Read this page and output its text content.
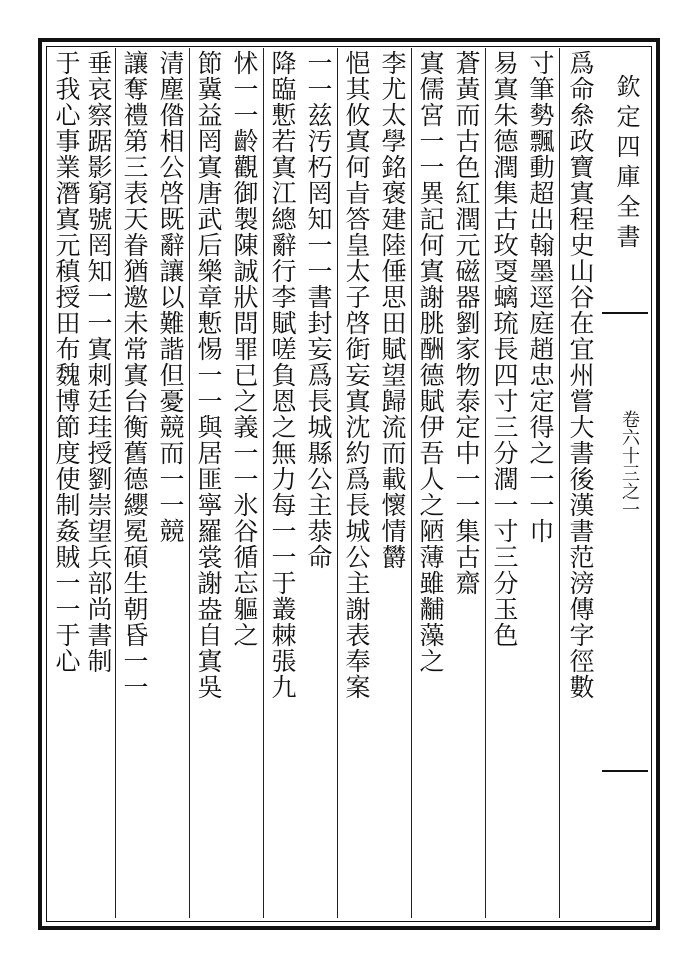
欽定四庫全書
卷六十三之一
爲命叅政寶寘程史山谷在宜州嘗大書後漢書范滂傳字徑數
寸筆勢飄動超出翰墨逕庭趙忠定得之一一巾
易寘朱德潤集古玫㪅螭琉長四寸三分濶一寸三分玉色
蒼黃而古色紅潤元磁器劉家物泰定中一一集古齋
寘儒宮一一異記何寘謝朓酬德賦伊吾人之陋薄雖黼藻之
李尤太學銘褒建陸倕思田賦望歸流而載懷情欝
悒其攸寘何㫖答皇太子啓衘妄寘沈約爲長城公主謝表奉案
一一兹汚朽罔知一一書封妄爲長城縣公主㳟命
降臨慙若寘江總辭行李賦嗟負恩之無力每一一于叢棘張九
怵一一齡觀御製陳誠狀問罪已之義一一氷谷循忘軀之
節冀益罔寘唐武后樂章慙惕一一與居匪寧羅裳謝盎自寘吳
清塵偺相公啓既辭讓以難諧但憂競而一一競
讓奪禮第三表天眷猶邀未常寘台衡舊德纓冕碩生朝昏一一
垂哀察踞影窮號罔知一一寘刺廷珪授劉崇望兵部尚書制
于我心事業潛寘元稹授田布魏博節度使制姦賊一一于心
